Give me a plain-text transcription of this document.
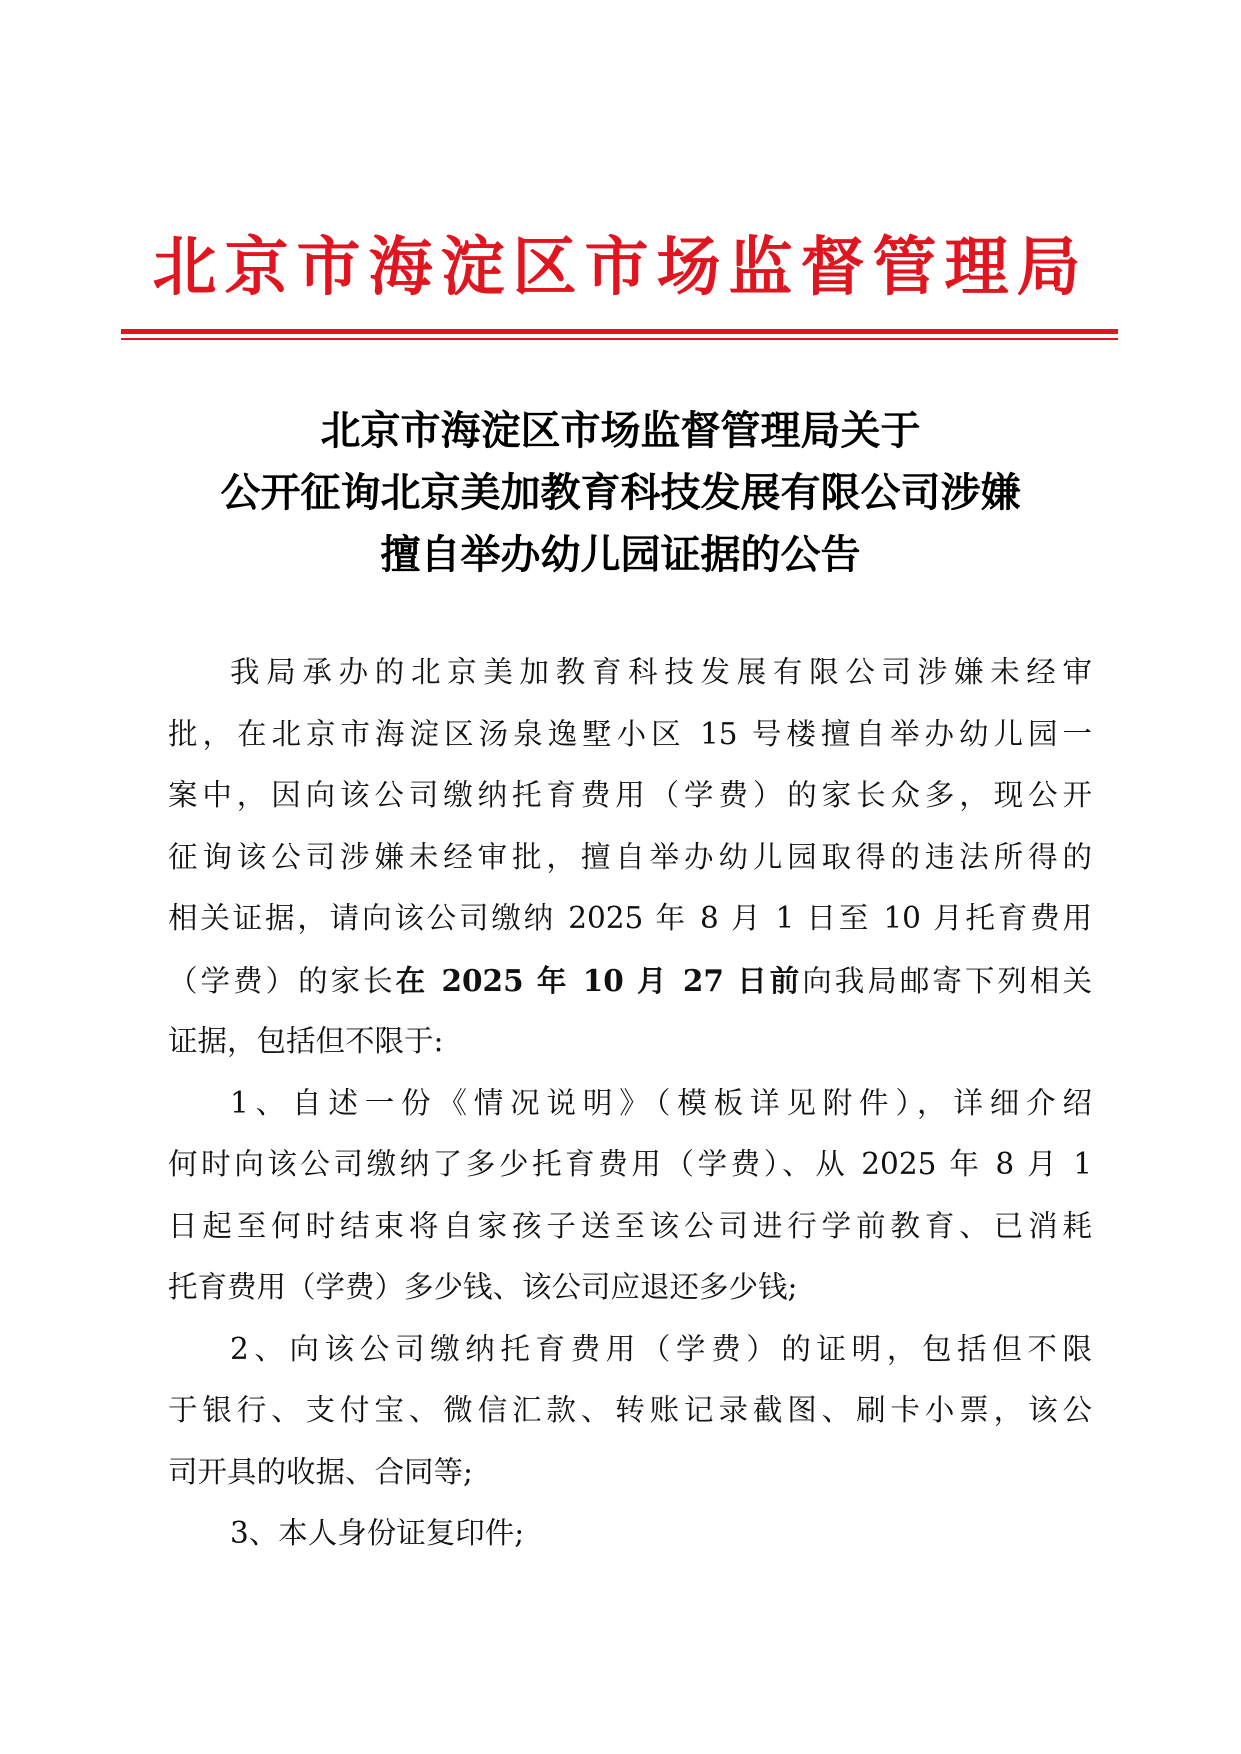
北京市海淀区市场监督管理局
北京市海淀区市场监督管理局关于
公开征询北京美加教育科技发展有限公司涉嫌
擅自举办幼儿园证据的公告
我局承办的北京美加教育科技发展有限公司涉嫌未经审
批，在北京市海淀区汤泉逸墅小区 15 号楼擅自举办幼儿园一
案中，因向该公司缴纳托育费用（学费）的家长众多，现公开
征询该公司涉嫌未经审批，擅自举办幼儿园取得的违法所得的
相关证据，请向该公司缴纳 2025 年 8 月 1 日至 10 月托育费用
（学费）的家长在 2025 年 10 月 27 日前向我局邮寄下列相关
证据，包括但不限于:
1、自述一份《情况说明》（模板详见附件），详细介绍
何时向该公司缴纳了多少托育费用（学费）、从 2025 年 8 月 1
日起至何时结束将自家孩子送至该公司进行学前教育、已消耗
托育费用（学费）多少钱、该公司应退还多少钱;
2、向该公司缴纳托育费用（学费）的证明，包括但不限
于银行、支付宝、微信汇款、转账记录截图、刷卡小票，该公
司开具的收据、合同等;
3、本人身份证复印件;
